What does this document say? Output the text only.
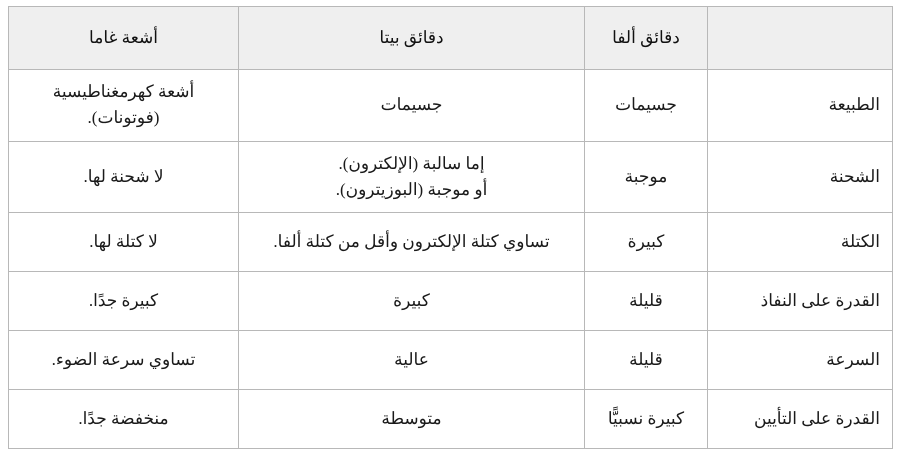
	دقائق ألفا	دقائق بيتا	أشعة غاما
الطبيعة	جسيمات	جسيمات	أشعة كهرمغناطيسية
(فوتونات).

الشحنة	موجبة	إما سالبة (الإلكترون).
أو موجبة (البوزيترون).	لا شحنة لها.
الكتلة	كبيرة	تساوي كتلة الإلكترون وأقل من كتلة ألفا.	لا كتلة لها.
القدرة على النفاذ	قليلة	كبيرة	كبيرة جدًا.
السرعة	قليلة	عالية	تساوي سرعة الضوء.
القدرة على التأيين	كبيرة نسبيًّا	متوسطة	منخفضة جدًا.
